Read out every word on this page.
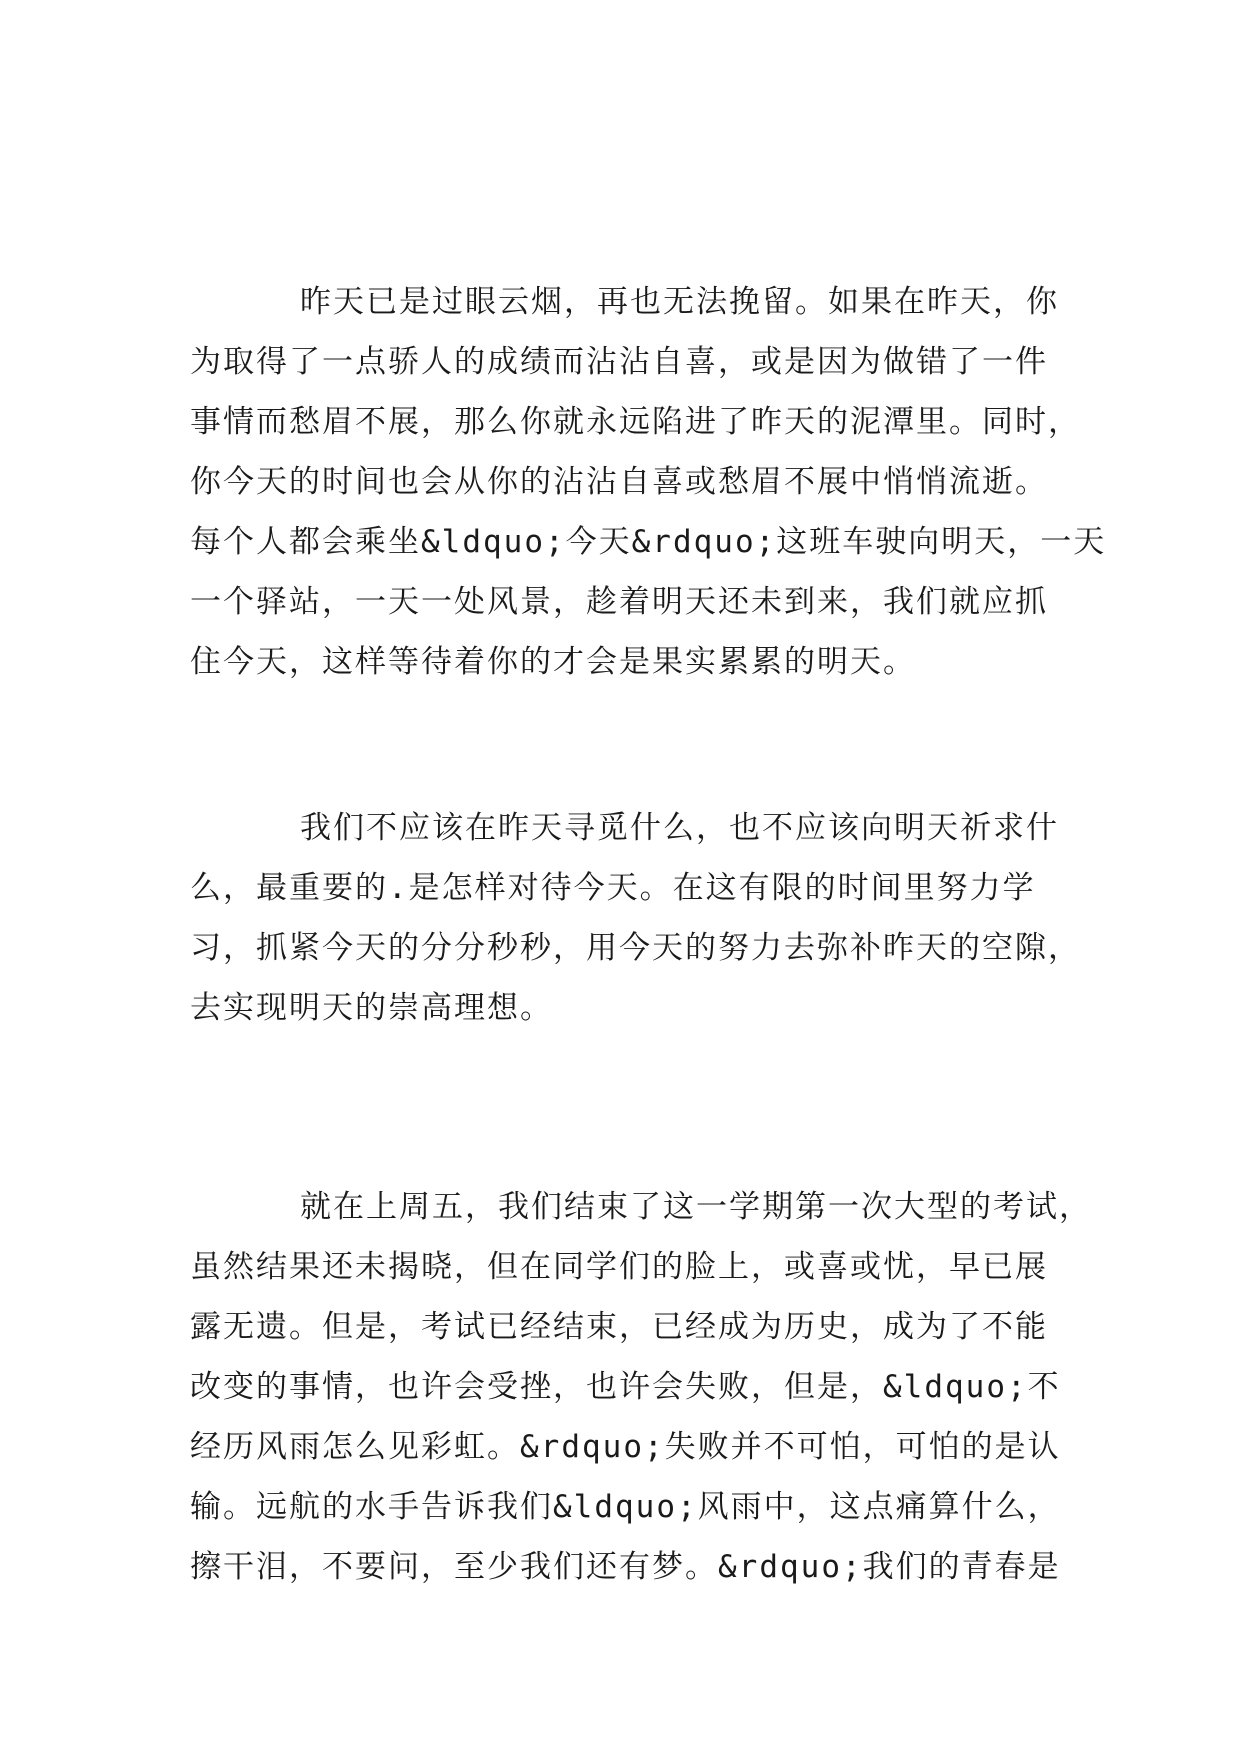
昨天已是过眼云烟，再也无法挽留。如果在昨天，你
为取得了一点骄人的成绩而沾沾自喜，或是因为做错了一件
事情而愁眉不展，那么你就永远陷进了昨天的泥潭里。同时，
你今天的时间也会从你的沾沾自喜或愁眉不展中悄悄流逝。
每个人都会乘坐&ldquo;今天&rdquo;这班车驶向明天，一天
一个驿站，一天一处风景，趁着明天还未到来，我们就应抓
住今天，这样等待着你的才会是果实累累的明天。
我们不应该在昨天寻觅什么，也不应该向明天祈求什
么，最重要的.是怎样对待今天。在这有限的时间里努力学
习，抓紧今天的分分秒秒，用今天的努力去弥补昨天的空隙，
去实现明天的崇高理想。
就在上周五，我们结束了这一学期第一次大型的考试，
虽然结果还未揭晓，但在同学们的脸上，或喜或忧，早已展
露无遗。但是，考试已经结束，已经成为历史，成为了不能
改变的事情，也许会受挫，也许会失败，但是，&ldquo;不
经历风雨怎么见彩虹。&rdquo;失败并不可怕，可怕的是认
输。远航的水手告诉我们&ldquo;风雨中，这点痛算什么，
擦干泪，不要问，至少我们还有梦。&rdquo;我们的青春是
